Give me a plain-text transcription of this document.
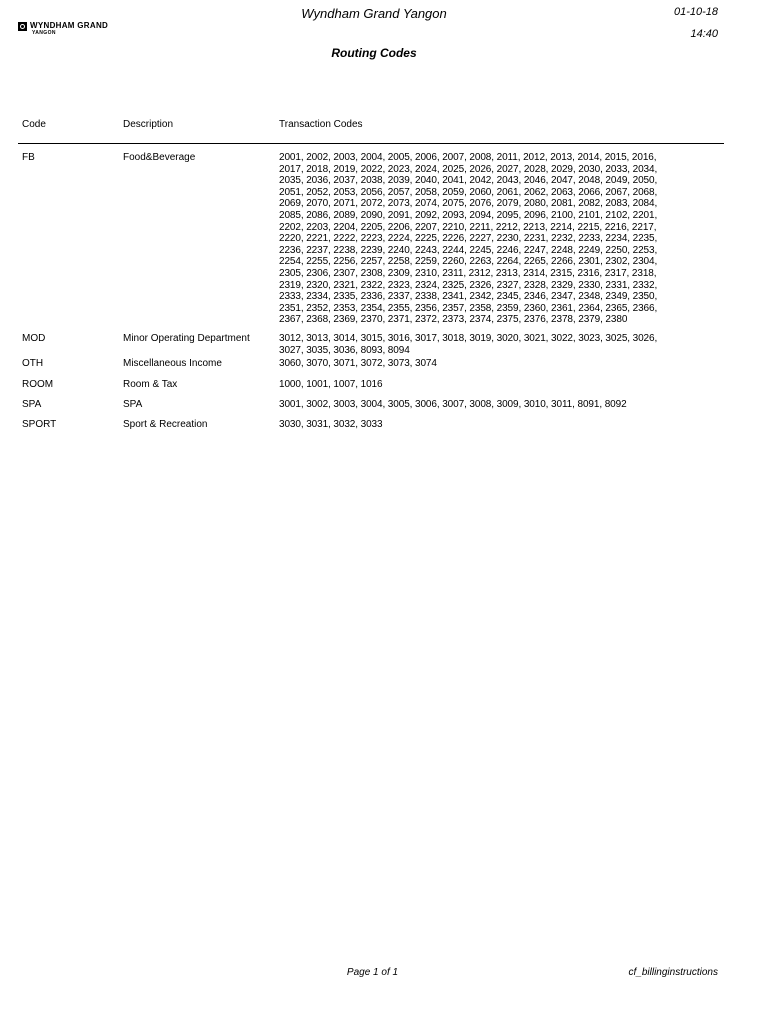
WYNDHAM GRAND
YANGON
Wyndham Grand Yangon	01-10-18
14:40
Routing Codes
Code	Description	Transaction Codes
FB	Food&Beverage	2001, 2002, 2003, 2004, 2005, 2006, 2007, 2008, 2011, 2012, 2013, 2014, 2015, 2016,
2017, 2018, 2019, 2022, 2023, 2024, 2025, 2026, 2027, 2028, 2029, 2030, 2033, 2034,
2035, 2036, 2037, 2038, 2039, 2040, 2041, 2042, 2043, 2046, 2047, 2048, 2049, 2050,
2051, 2052, 2053, 2056, 2057, 2058, 2059, 2060, 2061, 2062, 2063, 2066, 2067, 2068,
2069, 2070, 2071, 2072, 2073, 2074, 2075, 2076, 2079, 2080, 2081, 2082, 2083, 2084,
2085, 2086, 2089, 2090, 2091, 2092, 2093, 2094, 2095, 2096, 2100, 2101, 2102, 2201,
2202, 2203, 2204, 2205, 2206, 2207, 2210, 2211, 2212, 2213, 2214, 2215, 2216, 2217,
2220, 2221, 2222, 2223, 2224, 2225, 2226, 2227, 2230, 2231, 2232, 2233, 2234, 2235,
2236, 2237, 2238, 2239, 2240, 2243, 2244, 2245, 2246, 2247, 2248, 2249, 2250, 2253,
2254, 2255, 2256, 2257, 2258, 2259, 2260, 2263, 2264, 2265, 2266, 2301, 2302, 2304,
2305, 2306, 2307, 2308, 2309, 2310, 2311, 2312, 2313, 2314, 2315, 2316, 2317, 2318,
2319, 2320, 2321, 2322, 2323, 2324, 2325, 2326, 2327, 2328, 2329, 2330, 2331, 2332,
2333, 2334, 2335, 2336, 2337, 2338, 2341, 2342, 2345, 2346, 2347, 2348, 2349, 2350,
2351, 2352, 2353, 2354, 2355, 2356, 2357, 2358, 2359, 2360, 2361, 2364, 2365, 2366,
2367, 2368, 2369, 2370, 2371, 2372, 2373, 2374, 2375, 2376, 2378, 2379, 2380
MOD	Minor Operating Department	3012, 3013, 3014, 3015, 3016, 3017, 3018, 3019, 3020, 3021, 3022, 3023, 3025, 3026,
3027, 3035, 3036, 8093, 8094
OTH	Miscellaneous Income	3060, 3070, 3071, 3072, 3073, 3074
ROOM	Room & Tax	1000, 1001, 1007, 1016
SPA	SPA	3001, 3002, 3003, 3004, 3005, 3006, 3007, 3008, 3009, 3010, 3011, 8091, 8092
SPORT	Sport & Recreation	3030, 3031, 3032, 3033
Page 1 of 1	cf_billinginstructions
